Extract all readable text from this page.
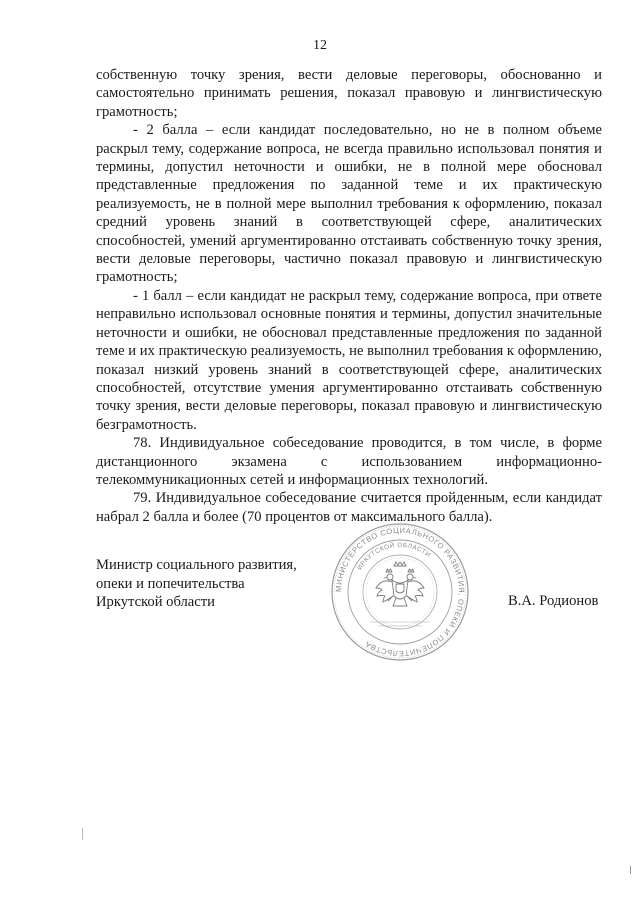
12

собственную точку зрения, вести деловые переговоры, обоснованно и самостоятельно принимать решения, показал правовую и лингвистическую грамотность;

- 2 балла – если кандидат последовательно, но не в полном объеме раскрыл тему, содержание вопроса, не всегда правильно использовал понятия и термины, допустил неточности и ошибки, не в полной мере обосновал представленные предложения по заданной теме и их практическую реализуемость, не в полной мере выполнил требования к оформлению, показал средний уровень знаний в соответствующей сфере, аналитических способностей, умений аргументированно отстаивать собственную точку зрения, вести деловые переговоры, частично показал правовую и лингвистическую грамотность;

- 1 балл – если кандидат не раскрыл тему, содержание вопроса, при ответе неправильно использовал основные понятия и термины, допустил значительные неточности и ошибки, не обосновал представленные предложения по заданной теме и их практическую реализуемость, не выполнил требования к оформлению, показал низкий уровень знаний в соответствующей сфере, аналитических способностей, отсутствие умения аргументированно отстаивать собственную точку зрения, вести деловые переговоры, показал правовую и лингвистическую безграмотность.

78. Индивидуальное собеседование проводится, в том числе, в форме дистанционного экзамена с использованием информационно-телекоммуникационных сетей и информационных технологий.

79. Индивидуальное собеседование считается пройденным, если кандидат набрал 2 балла и более (70 процентов от максимального балла).

Министр социального развития,
опеки и попечительства
Иркутской области	В.А. Родионов
МИНИСТЕРСТВО СОЦИАЛЬНОГО РАЗВИТИЯ, ОПЕКИ И ПОПЕЧИТЕЛЬСТВА
ИРКУТСКОЙ ОБЛАСТИ
